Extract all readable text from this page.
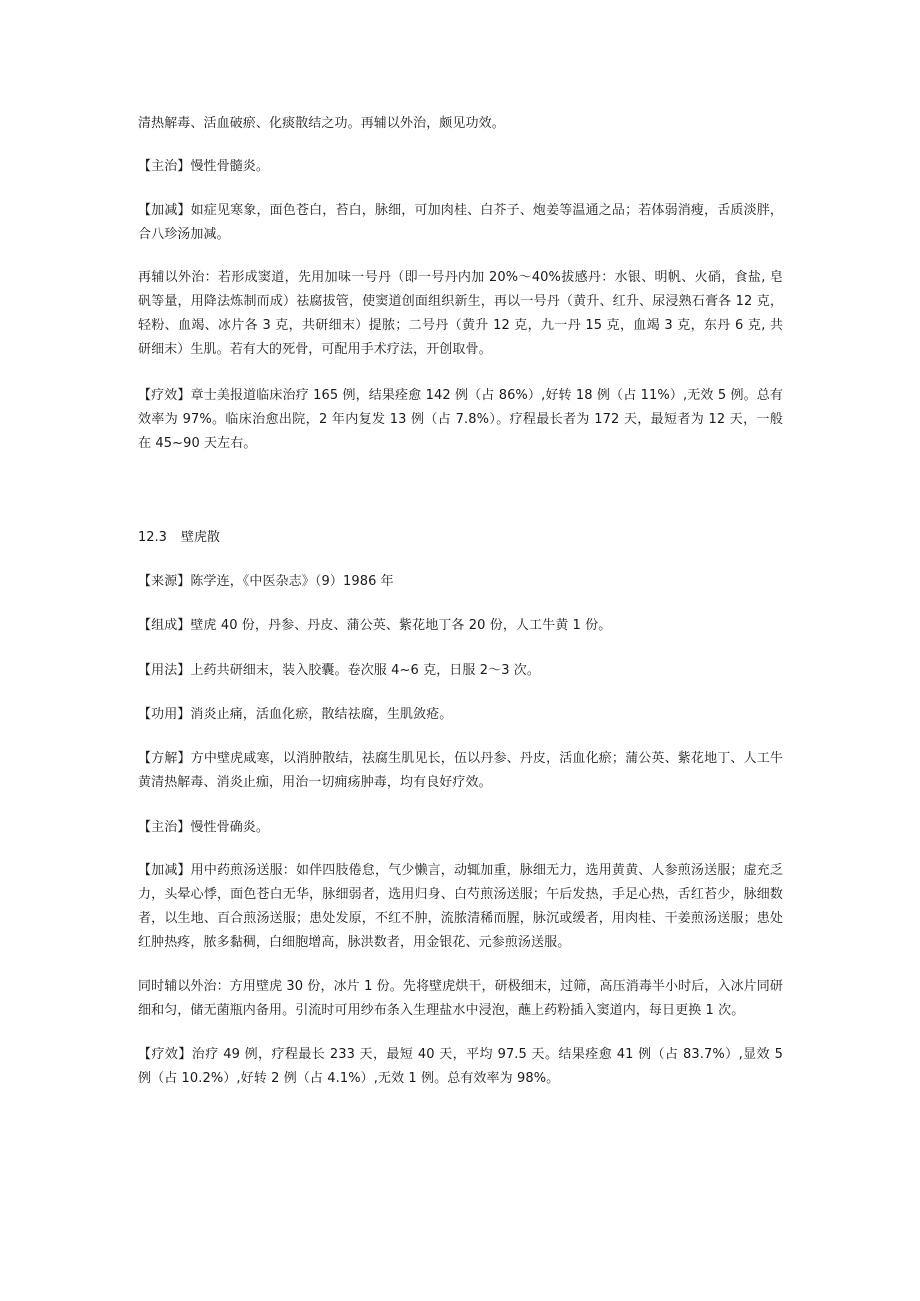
清热解毒、活血破瘀、化痰散结之功。再辅以外治，颇见功效。

【主治】慢性骨髓炎。

【加减】如症见寒象，面色苍白，苔白，脉细，可加肉桂、白芥子、炮姜等温通之品；若体弱消瘦，舌质淡胖，合八珍汤加减。

再辅以外治：若形成窦道，先用加味一号丹（即一号丹内加 20%～40%拔感丹：水银、明帆、火硝，食盐, 皂矾等量，用降法炼制而成）祛腐拔管，使窦道创面组织新生，再以一号丹（黄升、红升、尿浸熟石膏各 12 克，轻粉、血竭、冰片各 3 克，共研细末）提脓；二号丹（黄升 12 克，九一丹 15 克，血竭 3 克，东丹 6 克, 共研细末）生肌。若有大的死骨，可配用手术疗法，开创取骨。

【疗效】章士美报道临床治疗 165 例，结果痊愈 142 例（占 86%）,好转 18 例（占 11%）,无效 5 例。总有效率为 97%。临床治愈出院，2 年内复发 13 例（占 7.8%）。疗程最长者为 172 天，最短者为 12 天，一般在 45~90 天左右。

12.3 壁虎散

【来源】陈学连，《中医杂志》（9）1986 年

【组成】壁虎 40 份，丹参、丹皮、蒲公英、紫花地丁各 20 份，人工牛黄 1 份。

【用法】上药共研细末，装入胶囊。卷次服 4~6 克，日服 2～3 次。

【功用】消炎止痛，活血化瘀，散结祛腐，生肌敛疮。

【方解】方中壁虎咸寒，以消肿散结，祛腐生肌见长，伍以丹参、丹皮，活血化瘀；蒲公英、紫花地丁、人工牛黄清热解毒、消炎止痂，用治一切痈疡肿毒，均有良好疗效。

【主治】慢性骨确炎。

【加减】用中药煎汤送服：如伴四肢倦怠，气少懒言，动辄加重，脉细无力，选用黄黄、人参煎汤送服；虚充乏力，头晕心悸，面色苍白无华，脉细弱者，选用归身、白芍煎汤送服；午后发热，手足心热，舌红苔少，脉细数者，以生地、百合煎汤送服；患处发原，不红不肿，流脓清稀而腥，脉沉或缓者，用肉桂、干姜煎汤送服；患处红肿热疼，脓多黏稠，白细胞增高，脉洪数者，用金银花、元参煎汤送服。

同时辅以外治：方用壁虎 30 份，冰片 1 份。先将壁虎烘干，研极细末，过筛，高压消毒半小时后，入冰片同研细和匀，储无菌瓶内备用。引流时可用纱布条入生理盐水中浸泡，蘸上药粉插入窦道内，每日更换 1 次。

【疗效】治疗 49 例，疗程最长 233 天，最短 40 天，平均 97.5 天。结果痊愈 41 例（占 83.7%）,显效 5 例（占 10.2%）,好转 2 例（占 4.1%）,无效 1 例。总有效率为 98%。
